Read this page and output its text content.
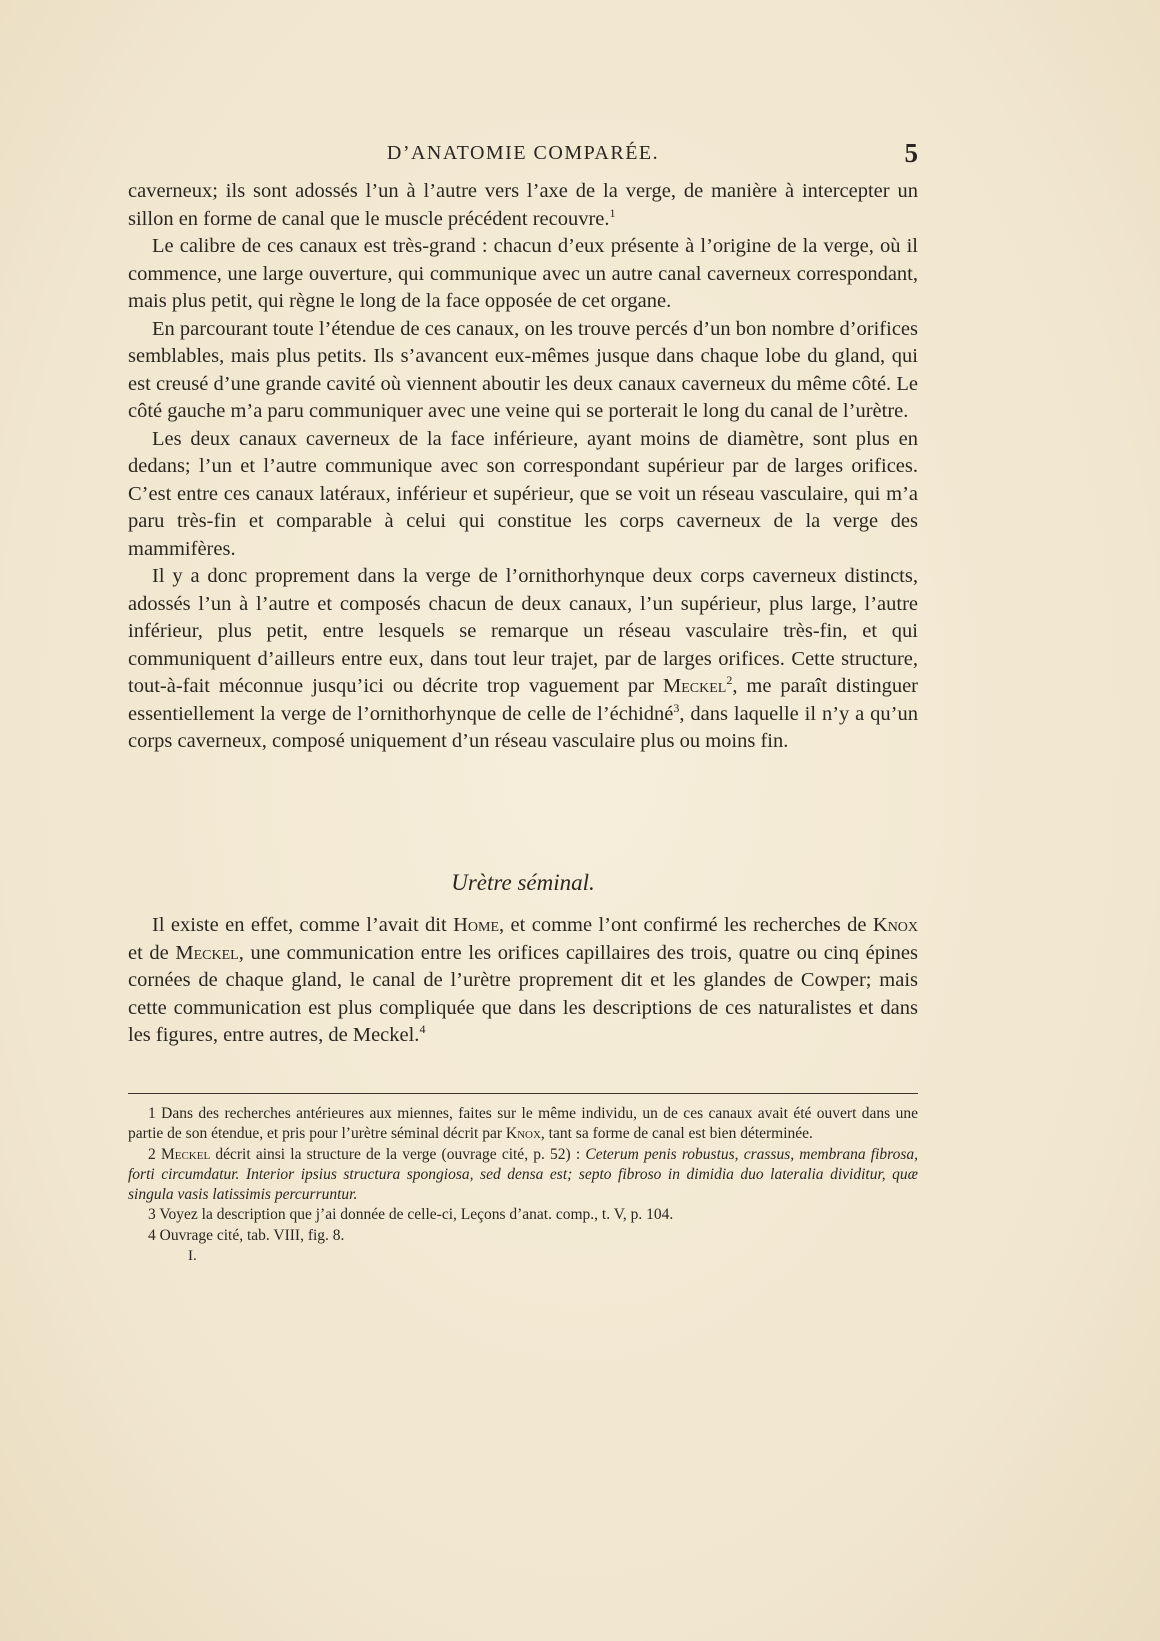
D’ANATOMIE COMPARÉE.	5

caverneux; ils sont adossés l’un à l’autre vers l’axe de la verge, de manière à intercepter un sillon en forme de canal que le muscle précédent recouvre.$^1$

Le calibre de ces canaux est très-grand : chacun d’eux présente à l’origine de la verge, où il commence, une large ouverture, qui communique avec un autre canal caverneux correspondant, mais plus petit, qui règne le long de la face opposée de cet organe.

En parcourant toute l’étendue de ces canaux, on les trouve percés d’un bon nombre d’orifices semblables, mais plus petits. Ils s’avancent eux-mêmes jusque dans chaque lobe du gland, qui est creusé d’une grande cavité où viennent aboutir les deux canaux caverneux du même côté. Le côté gauche m’a paru communiquer avec une veine qui se porterait le long du canal de l’urètre.

Les deux canaux caverneux de la face inférieure, ayant moins de diamètre, sont plus en dedans; l’un et l’autre communique avec son correspondant supérieur par de larges orifices. C’est entre ces canaux latéraux, inférieur et supérieur, que se voit un réseau vasculaire, qui m’a paru très-fin et comparable à celui qui constitue les corps caverneux de la verge des mammifères.

Il y a donc proprement dans la verge de l’ornithorhynque deux corps caverneux distincts, adossés l’un à l’autre et composés chacun de deux canaux, l’un supérieur, plus large, l’autre inférieur, plus petit, entre lesquels se remarque un réseau vasculaire très-fin, et qui communiquent d’ailleurs entre eux, dans tout leur trajet, par de larges orifices. Cette structure, tout-à-fait méconnue jusqu’ici ou décrite trop vaguement par Meckel$^2$, me paraît distinguer essentiellement la verge de l’ornithorhynque de celle de l’échidné$^3$, dans laquelle il n’y a qu’un corps caverneux, composé uniquement d’un réseau vasculaire plus ou moins fin.

Urètre séminal.

Il existe en effet, comme l’avait dit Home, et comme l’ont confirmé les recherches de Knox et de Meckel, une communication entre les orifices capillaires des trois, quatre ou cinq épines cornées de chaque gland, le canal de l’urètre proprement dit et les glandes de Cowper; mais cette communication est plus compliquée que dans les descriptions de ces naturalistes et dans les figures, entre autres, de Meckel.$^4$

1 Dans des recherches antérieures aux miennes, faites sur le même individu, un de ces canaux avait été ouvert dans une partie de son étendue, et pris pour l’urètre séminal décrit par Knox, tant sa forme de canal est bien déterminée.

2 Meckel décrit ainsi la structure de la verge (ouvrage cité, p. 52) : Ceterum penis robustus, crassus, membrana fibrosa, forti circumdatur. Interior ipsius structura spongiosa, sed densa est; septo fibroso in dimidia duo lateralia dividitur, quæ singula vasis latissimis percurruntur.

3 Voyez la description que j’ai donnée de celle-ci, Leçons d’anat. comp., t. V, p. 104.

4 Ouvrage cité, tab. VIII, fig. 8.

I.
